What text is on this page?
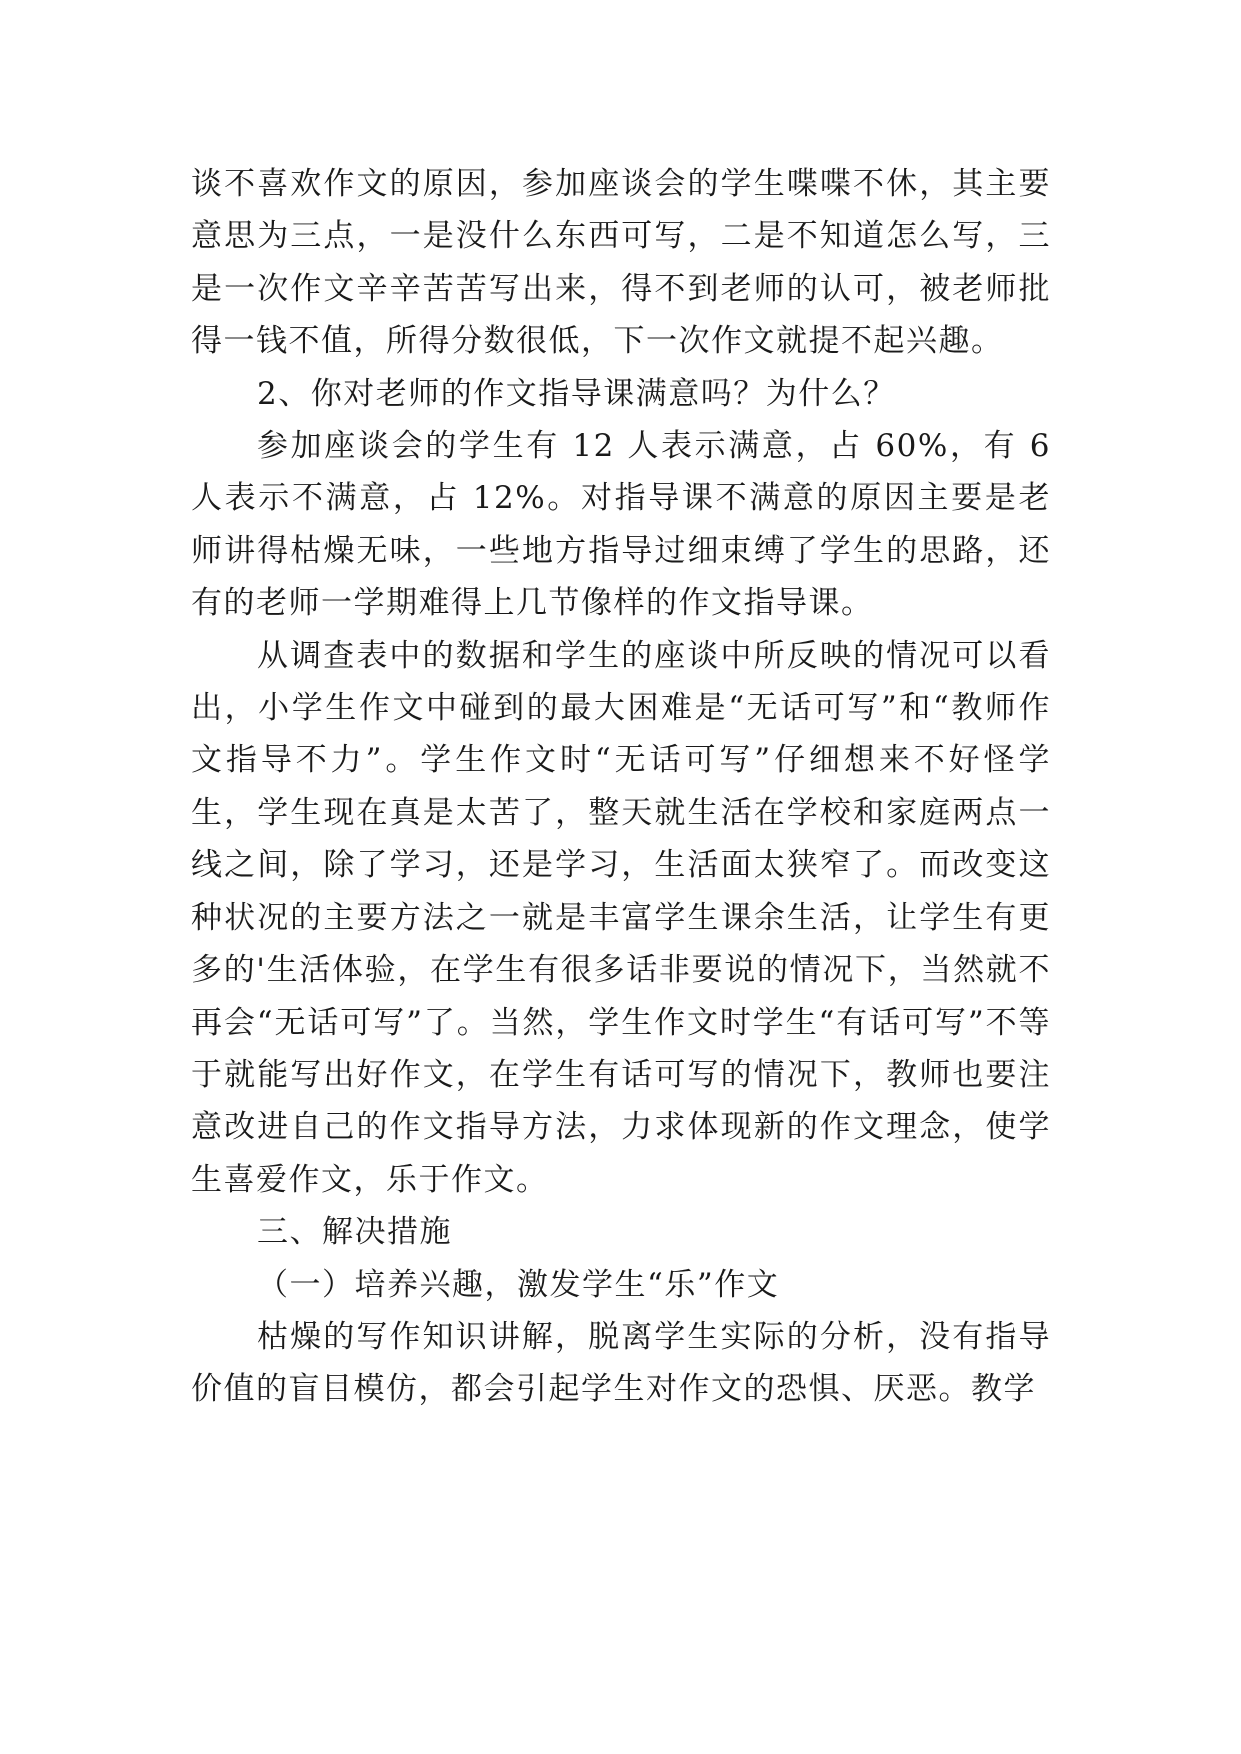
谈不喜欢作文的原因，参加座谈会的学生喋喋不休，其主要意思为三点，一是没什么东西可写，二是不知道怎么写，三是一次作文辛辛苦苦写出来，得不到老师的认可，被老师批得一钱不值，所得分数很低，下一次作文就提不起兴趣。

2、你对老师的作文指导课满意吗？为什么？

参加座谈会的学生有 12 人表示满意，占 60%，有 6 人表示不满意，占 12%。对指导课不满意的原因主要是老师讲得枯燥无味，一些地方指导过细束缚了学生的思路，还有的老师一学期难得上几节像样的作文指导课。

从调查表中的数据和学生的座谈中所反映的情况可以看出，小学生作文中碰到的最大困难是“无话可写”和“教师作文指导不力”。学生作文时“无话可写”仔细想来不好怪学生，学生现在真是太苦了，整天就生活在学校和家庭两点一线之间，除了学习，还是学习，生活面太狭窄了。而改变这种状况的主要方法之一就是丰富学生课余生活，让学生有更多的'生活体验，在学生有很多话非要说的情况下，当然就不再会“无话可写”了。当然，学生作文时学生“有话可写”不等于就能写出好作文，在学生有话可写的情况下，教师也要注意改进自己的作文指导方法，力求体现新的作文理念，使学生喜爱作文，乐于作文。

三、解决措施

（一）培养兴趣，激发学生“乐”作文

枯燥的写作知识讲解，脱离学生实际的分析，没有指导价值的盲目模仿，都会引起学生对作文的恐惧、厌恶。教学
